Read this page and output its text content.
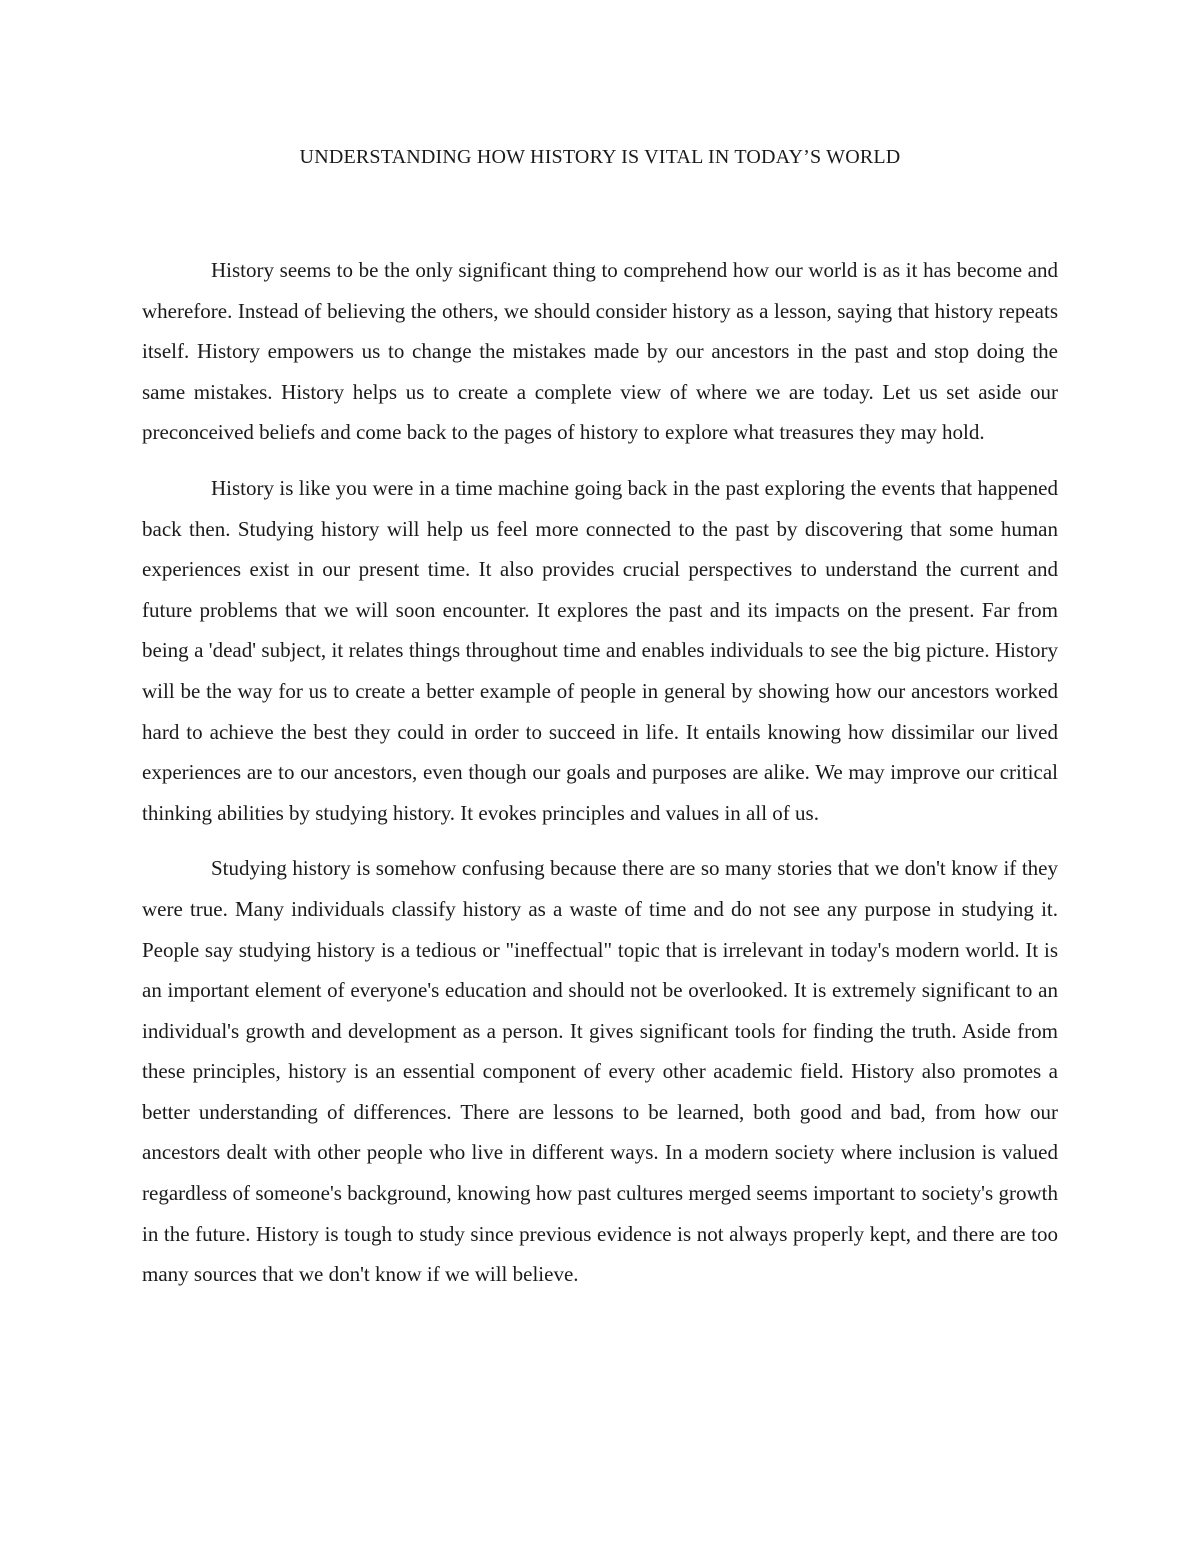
UNDERSTANDING HOW HISTORY IS VITAL IN TODAY’S WORLD

History seems to be the only significant thing to comprehend how our world is as it has become and wherefore. Instead of believing the others, we should consider history as a lesson, saying that history repeats itself. History empowers us to change the mistakes made by our ancestors in the past and stop doing the same mistakes. History helps us to create a complete view of where we are today. Let us set aside our preconceived beliefs and come back to the pages of history to explore what treasures they may hold.

History is like you were in a time machine going back in the past exploring the events that happened back then. Studying history will help us feel more connected to the past by discovering that some human experiences exist in our present time. It also provides crucial perspectives to understand the current and future problems that we will soon encounter. It explores the past and its impacts on the present. Far from being a 'dead' subject, it relates things throughout time and enables individuals to see the big picture. History will be the way for us to create a better example of people in general by showing how our ancestors worked hard to achieve the best they could in order to succeed in life. It entails knowing how dissimilar our lived experiences are to our ancestors, even though our goals and purposes are alike. We may improve our critical thinking abilities by studying history. It evokes principles and values in all of us.

Studying history is somehow confusing because there are so many stories that we don't know if they were true. Many individuals classify history as a waste of time and do not see any purpose in studying it. People say studying history is a tedious or "ineffectual" topic that is irrelevant in today's modern world. It is an important element of everyone's education and should not be overlooked. It is extremely significant to an individual's growth and development as a person. It gives significant tools for finding the truth. Aside from these principles, history is an essential component of every other academic field. History also promotes a better understanding of differences. There are lessons to be learned, both good and bad, from how our ancestors dealt with other people who live in different ways. In a modern society where inclusion is valued regardless of someone's background, knowing how past cultures merged seems important to society's growth in the future. History is tough to study since previous evidence is not always properly kept, and there are too many sources that we don't know if we will believe.
